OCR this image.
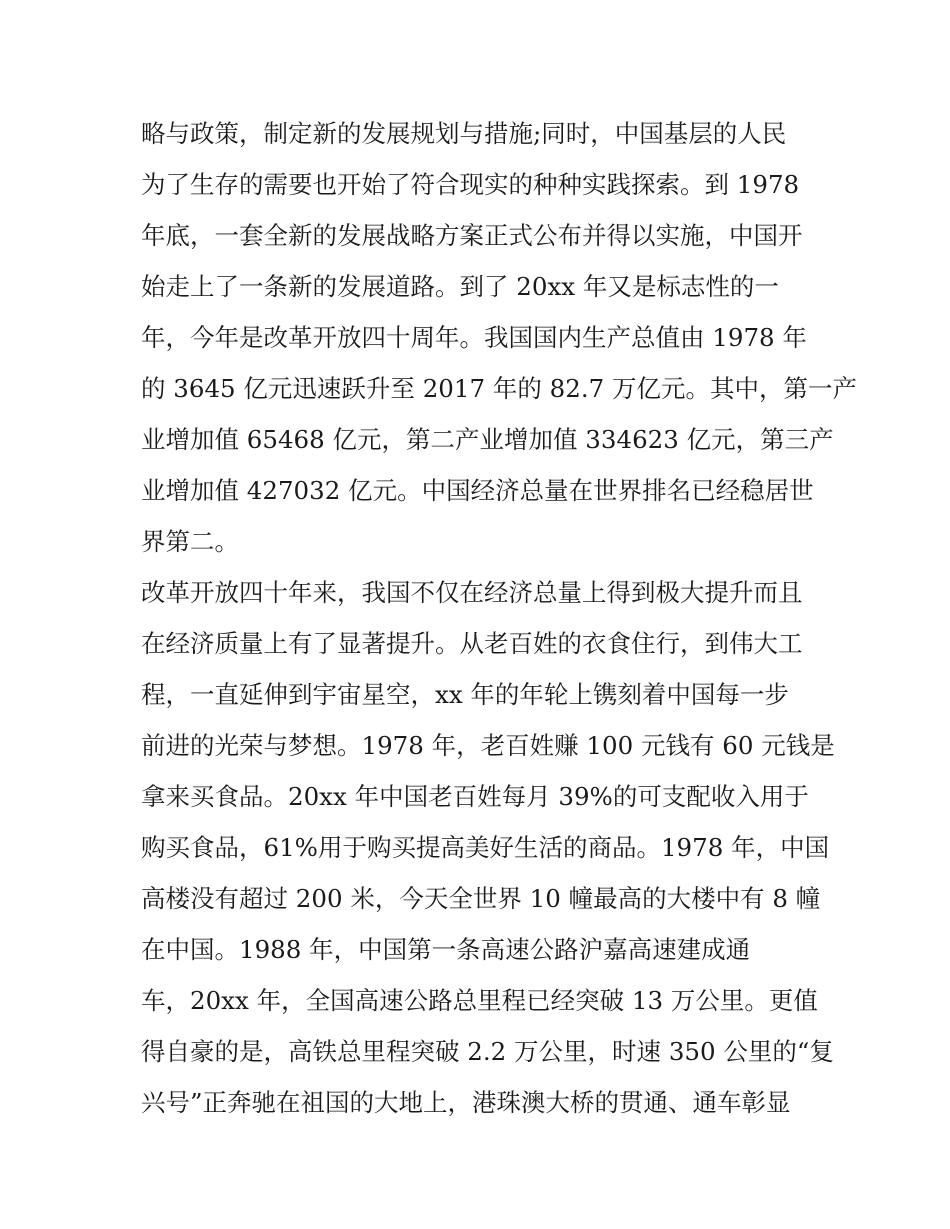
略与政策，制定新的发展规划与措施;同时，中国基层的人民
为了生存的需要也开始了符合现实的种种实践探索。到 1978
年底，一套全新的发展战略方案正式公布并得以实施，中国开
始走上了一条新的发展道路。到了 20xx 年又是标志性的一
年，今年是改革开放四十周年。我国国内生产总值由 1978 年
的 3645 亿元迅速跃升至 2017 年的 82.7 万亿元。其中，第一产
业增加值 65468 亿元，第二产业增加值 334623 亿元，第三产
业增加值 427032 亿元。中国经济总量在世界排名已经稳居世
界第二。
改革开放四十年来，我国不仅在经济总量上得到极大提升而且
在经济质量上有了显著提升。从老百姓的衣食住行，到伟大工
程，一直延伸到宇宙星空，xx 年的年轮上镌刻着中国每一步
前进的光荣与梦想。1978 年，老百姓赚 100 元钱有 60 元钱是
拿来买食品。20xx 年中国老百姓每月 39%的可支配收入用于
购买食品，61%用于购买提高美好生活的商品。1978 年，中国
高楼没有超过 200 米，今天全世界 10 幢最高的大楼中有 8 幢
在中国。1988 年，中国第一条高速公路沪嘉高速建成通
车，20xx 年，全国高速公路总里程已经突破 13 万公里。更值
得自豪的是，高铁总里程突破 2.2 万公里，时速 350 公里的“复
兴号”正奔驰在祖国的大地上，港珠澳大桥的贯通、通车彰显
